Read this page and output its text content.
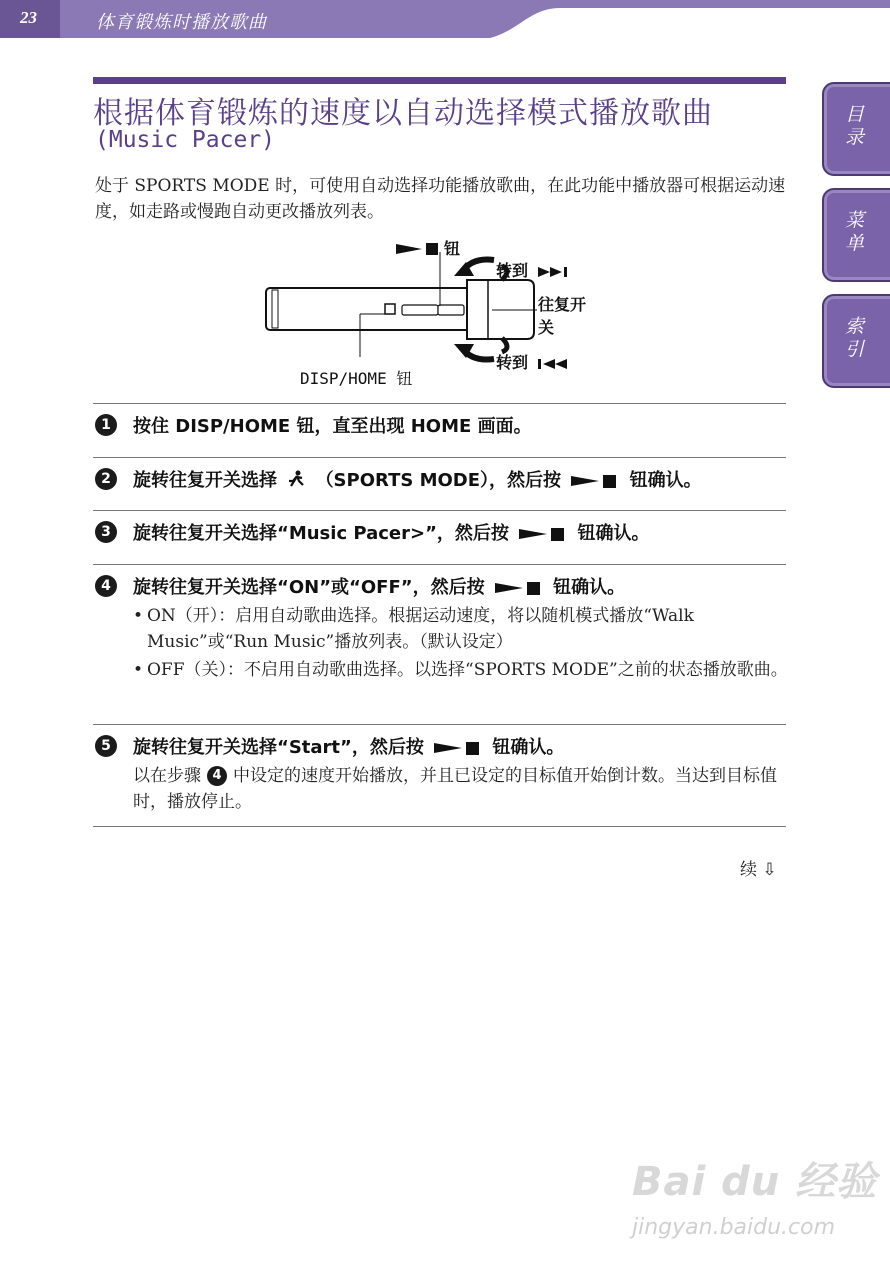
23	体育锻炼时播放歌曲
目录
菜单
索引
根据体育锻炼的速度以自动选择模式播放歌曲
(Music Pacer)
处于 SPORTS MODE 时，可使用自动选择功能播放歌曲，在此功能中播放器可根据运动速度，如走路或慢跑自动更改播放列表。
钮
转到
往复开关
转到
DISP/HOME 钮
1	按住 DISP/HOME 钮，直至出现 HOME 画面。
2	旋转往复开关选择 （SPORTS MODE），然后按	钮确认。
3	旋转往复开关选择“Music Pacer>”，然后按	钮确认。
4	旋转往复开关选择“ON”或“OFF”，然后按	钮确认。
• ON（开）：启用自动歌曲选择。根据运动速度，将以随机模式播放“Walk Music”或“Run Music”播放列表。（默认设定）
• OFF（关）：不启用自动歌曲选择。以选择“SPORTS MODE”之前的状态播放歌曲。
5	旋转往复开关选择“Start”，然后按	钮确认。
以在步骤 4 中设定的速度开始播放，并且已设定的目标值开始倒计数。当达到目标值时，播放停止。
续 ⇩
Bai du 经验
jingyan.baidu.com
